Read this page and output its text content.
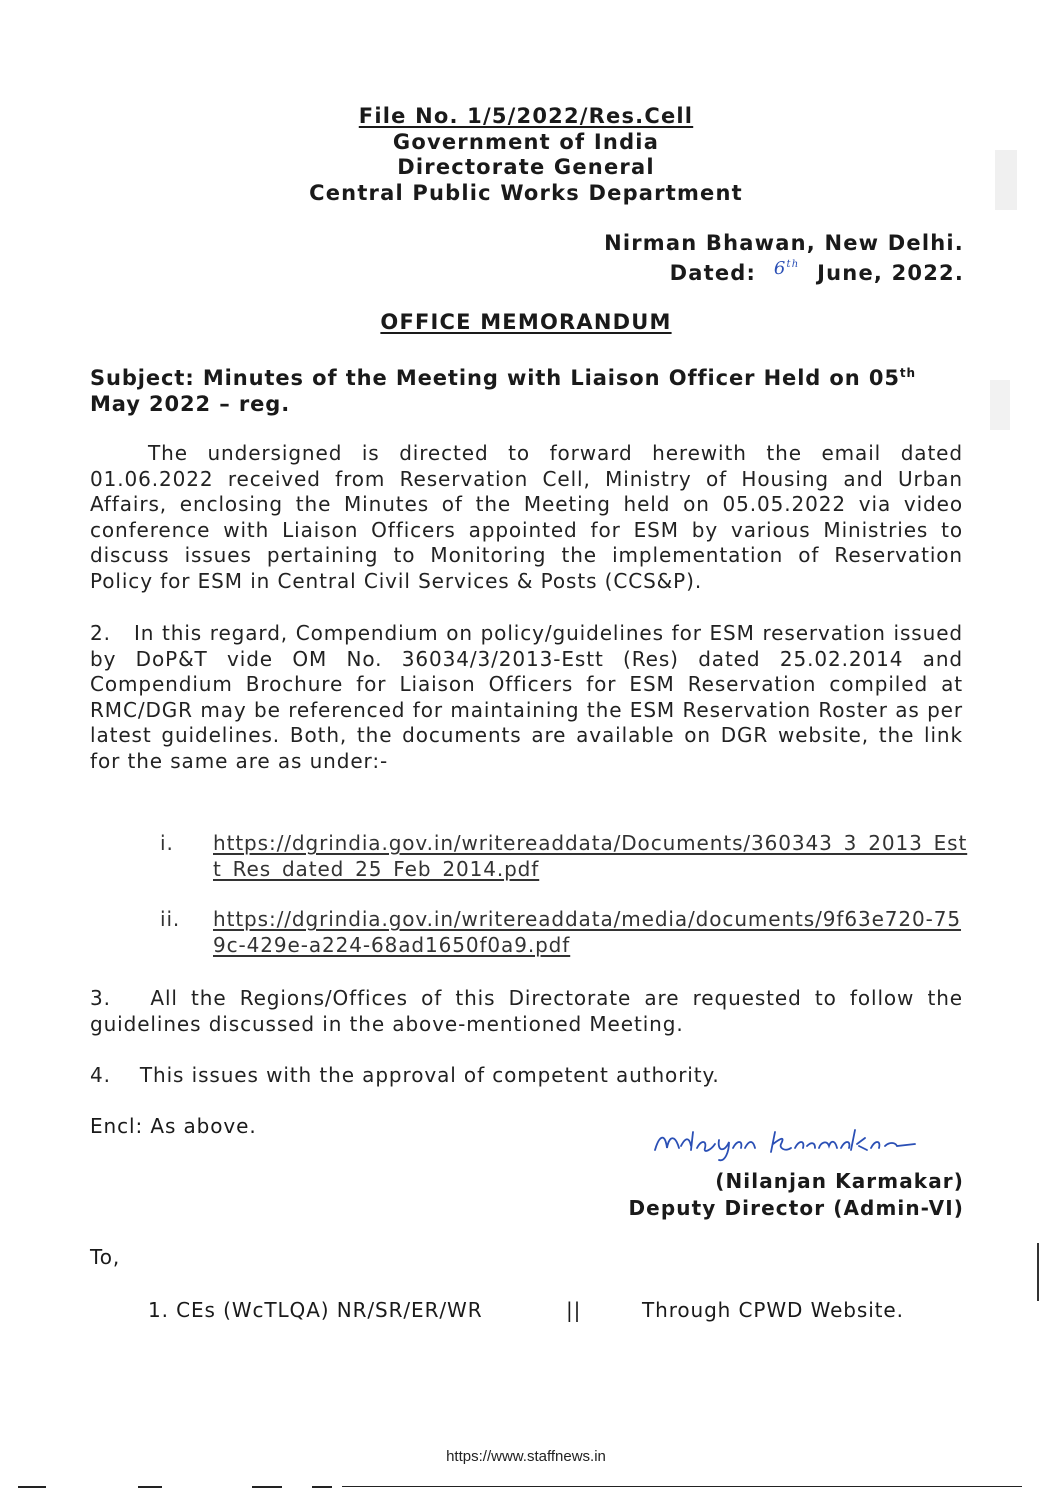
File No. 1/5/2022/Res.Cell
Government of India
Directorate General
Central Public Works Department
Nirman Bhawan, New Delhi.
Dated: 6th June, 2022.
OFFICE MEMORANDUM
Subject: Minutes of the Meeting with Liaison Officer Held on 05th May 2022 – reg.
The undersigned is directed to forward herewith the email dated 01.06.2022 received from Reservation Cell, Ministry of Housing and Urban Affairs, enclosing the Minutes of the Meeting held on 05.05.2022 via video conference with Liaison Officers appointed for ESM by various Ministries to discuss issues pertaining to Monitoring the implementation of Reservation Policy for ESM in Central Civil Services & Posts (CCS&P).
2.   In this regard, Compendium on policy/guidelines for ESM reservation issued by DoP&T vide OM No. 36034/3/2013-Estt (Res) dated 25.02.2014 and Compendium Brochure for Liaison Officers for ESM Reservation compiled at RMC/DGR may be referenced for maintaining the ESM Reservation Roster as per latest guidelines. Both, the documents are available on DGR website, the link for the same are as under:-
i.	https://dgrindia.gov.in/writereaddata/Documents/360343_3_2013_Estt_Res_dated_25_Feb_2014.pdf
ii.	https://dgrindia.gov.in/writereaddata/media/documents/9f63e720-759c-429e-a224-68ad1650f0a9.pdf
3.   All the Regions/Offices of this Directorate are requested to follow the guidelines discussed in the above-mentioned Meeting.
4.    This issues with the approval of competent authority.
Encl: As above.
(Nilanjan Karmakar)
Deputy Director (Admin-VI)
To,
1. CEs (WcTLQA) NR/SR/ER/WR	||	Through CPWD Website.
https://www.staffnews.in
